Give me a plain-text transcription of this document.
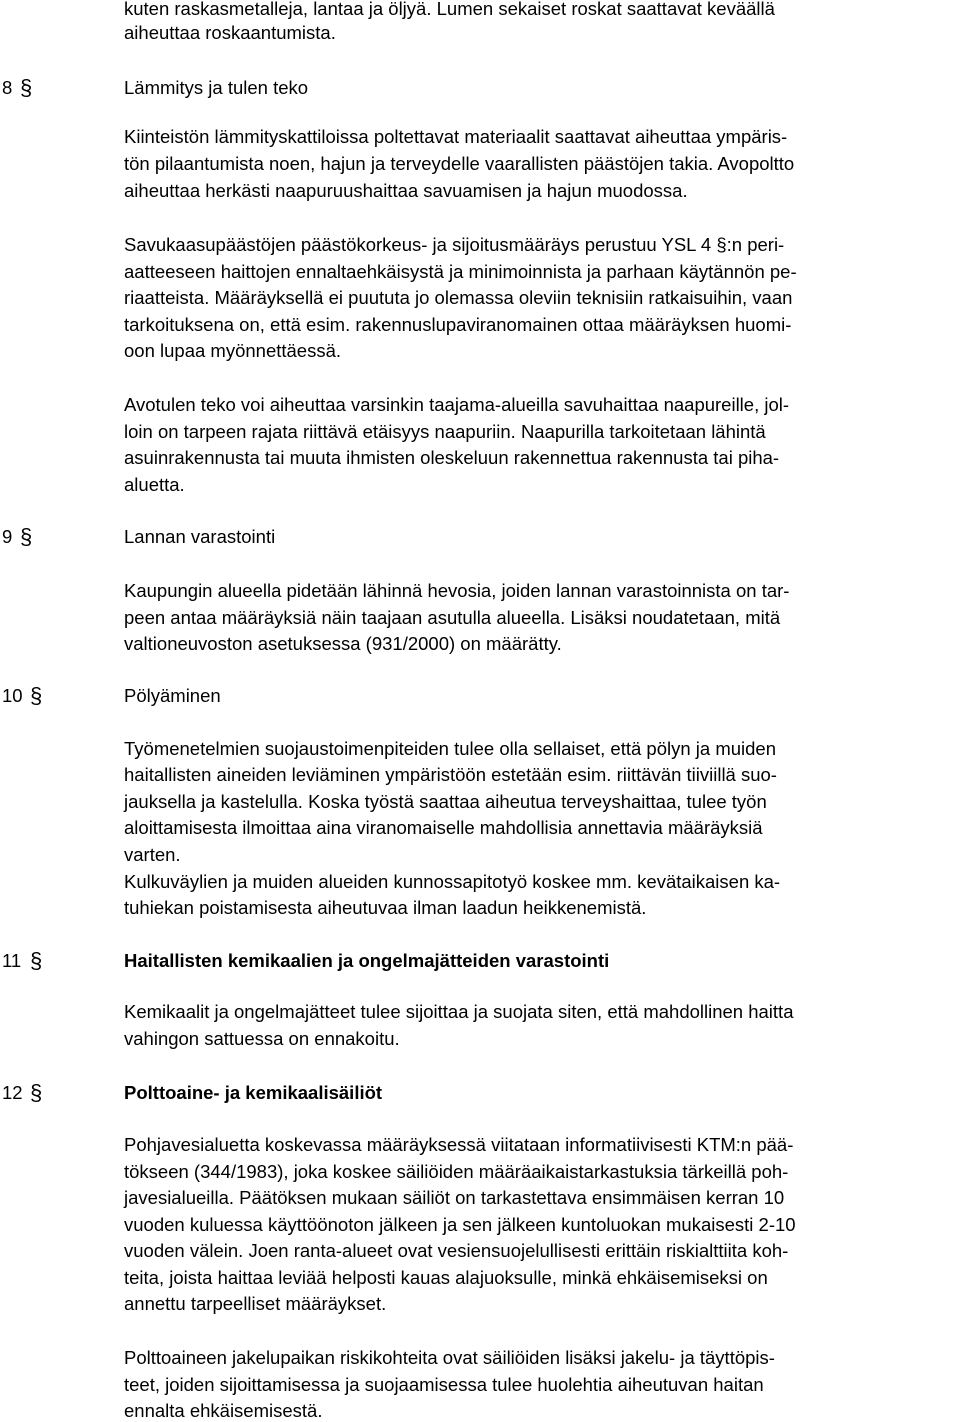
kuten raskasmetalleja, lantaa ja öljyä. Lumen sekaiset roskat saattavat keväällä
aiheuttaa roskaantumista.
8 §	Lämmitys ja tulen teko
Kiinteistön lämmityskattiloissa poltettavat materiaalit saattavat aiheuttaa ympäris-
tön pilaantumista noen, hajun ja terveydelle vaarallisten päästöjen takia. Avopoltto
aiheuttaa herkästi naapuruushaittaa savuamisen ja hajun muodossa.
Savukaasupäästöjen päästökorkeus- ja sijoitusmääräys perustuu YSL 4 §:n peri-
aatteeseen haittojen ennaltaehkäisystä ja minimoinnista ja parhaan käytännön pe-
riaatteista. Määräyksellä ei puututa jo olemassa oleviin teknisiin ratkaisuihin, vaan
tarkoituksena on, että esim. rakennuslupaviranomainen ottaa määräyksen huomi-
oon lupaa myönnettäessä.
Avotulen teko voi aiheuttaa varsinkin taajama-alueilla savuhaittaa naapureille, jol-
loin on tarpeen rajata riittävä etäisyys naapuriin. Naapurilla tarkoitetaan lähintä
asuinrakennusta tai muuta ihmisten oleskeluun rakennettua rakennusta tai piha-
aluetta.
9 §	Lannan varastointi
Kaupungin alueella pidetään lähinnä hevosia, joiden lannan varastoinnista on tar-
peen antaa määräyksiä näin taajaan asutulla alueella. Lisäksi noudatetaan, mitä
valtioneuvoston asetuksessa (931/2000) on määrätty.
10 §	Pölyäminen
Työmenetelmien suojaustoimenpiteiden tulee olla sellaiset, että pölyn ja muiden
haitallisten aineiden leviäminen ympäristöön estetään esim. riittävän tiiviillä suo-
jauksella ja kastelulla. Koska työstä saattaa aiheutua terveyshaittaa, tulee työn
aloittamisesta ilmoittaa aina viranomaiselle mahdollisia annettavia määräyksiä
varten.
Kulkuväylien ja muiden alueiden kunnossapitotyö koskee mm. kevätaikaisen ka-
tuhiekan poistamisesta aiheutuvaa ilman laadun heikkenemistä.
11 §	Haitallisten kemikaalien ja ongelmajätteiden varastointi
Kemikaalit ja ongelmajätteet tulee sijoittaa ja suojata siten, että mahdollinen haitta
vahingon sattuessa on ennakoitu.
12 §	Polttoaine- ja kemikaalisäiliöt
Pohjavesialuetta koskevassa määräyksessä viitataan informatiivisesti KTM:n pää-
tökseen (344/1983), joka koskee säiliöiden määräaikaistarkastuksia tärkeillä poh-
javesialueilla. Päätöksen mukaan säiliöt on tarkastettava ensimmäisen kerran 10
vuoden kuluessa käyttöönoton jälkeen ja sen jälkeen kuntoluokan mukaisesti 2-10
vuoden välein. Joen ranta-alueet ovat vesiensuojelullisesti erittäin riskialttiita koh-
teita, joista haittaa leviää helposti kauas alajuoksulle, minkä ehkäisemiseksi on
annettu tarpeelliset määräykset.
Polttoaineen jakelupaikan riskikohteita ovat säiliöiden lisäksi jakelu- ja täyttöpis-
teet, joiden sijoittamisessa ja suojaamisessa tulee huolehtia aiheutuvan haitan
ennalta ehkäisemisestä.
